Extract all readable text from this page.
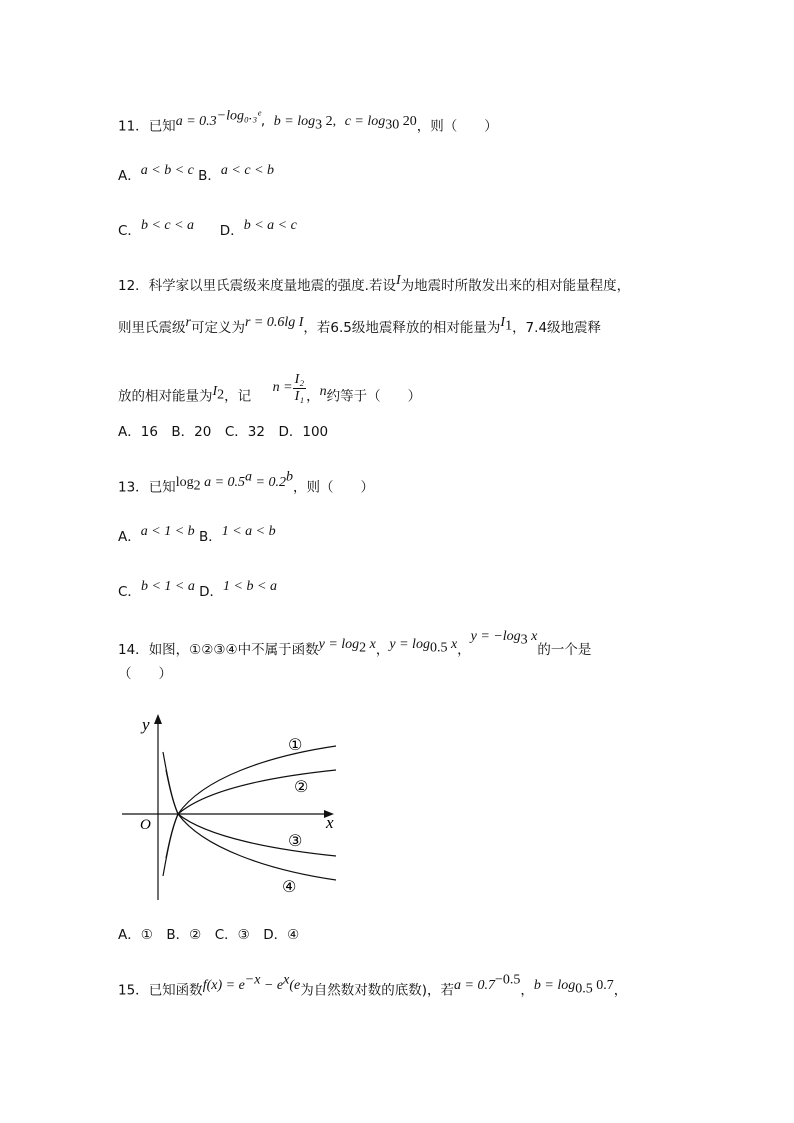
11．已知$a = 0.3^{-log_0._3ᵉ}$,  $b = \log_3 2$, $c = \log_{30} 20$，则（　　）
A．a < b < c B．a < c < b
C．b < c < a D．b < a < c
12．科学家以里氏震级来度量地震的强度.若设I为地震时所散发出来的相对能量程度，
则里氏震级r可定义为r = 0.6lg I，若6.5级地震释放的相对能量为$I_1$，7.4级地震释
放的相对能量为$I_2$，记     $n = \frac{\text{I₂}}{\text{I₁}}$ ，n约等于（　　）
A．16　B．20　C．32　D．100
13．已知$\log_2 a = 0.5^a = 0.2^b$，则（　　）
A．a < 1 < b B．1 < a < b
C．b < 1 < a D．1 < b < a
14．如图，①②③④中不属于函数$y = \log_2 x$，$y = \log_{0.5} x$，$y = -\log_3$ x的一个是
（　　）
y
x
O
①
②
③
④
A．①　B．②　C．③　D．④
15．已知函数$f(x) = e^{-x} - e^x(e$为自然数对数的底数)，若$a = 0.7^{-0.5}$，$b = \log_{0.5} 0.7$，
